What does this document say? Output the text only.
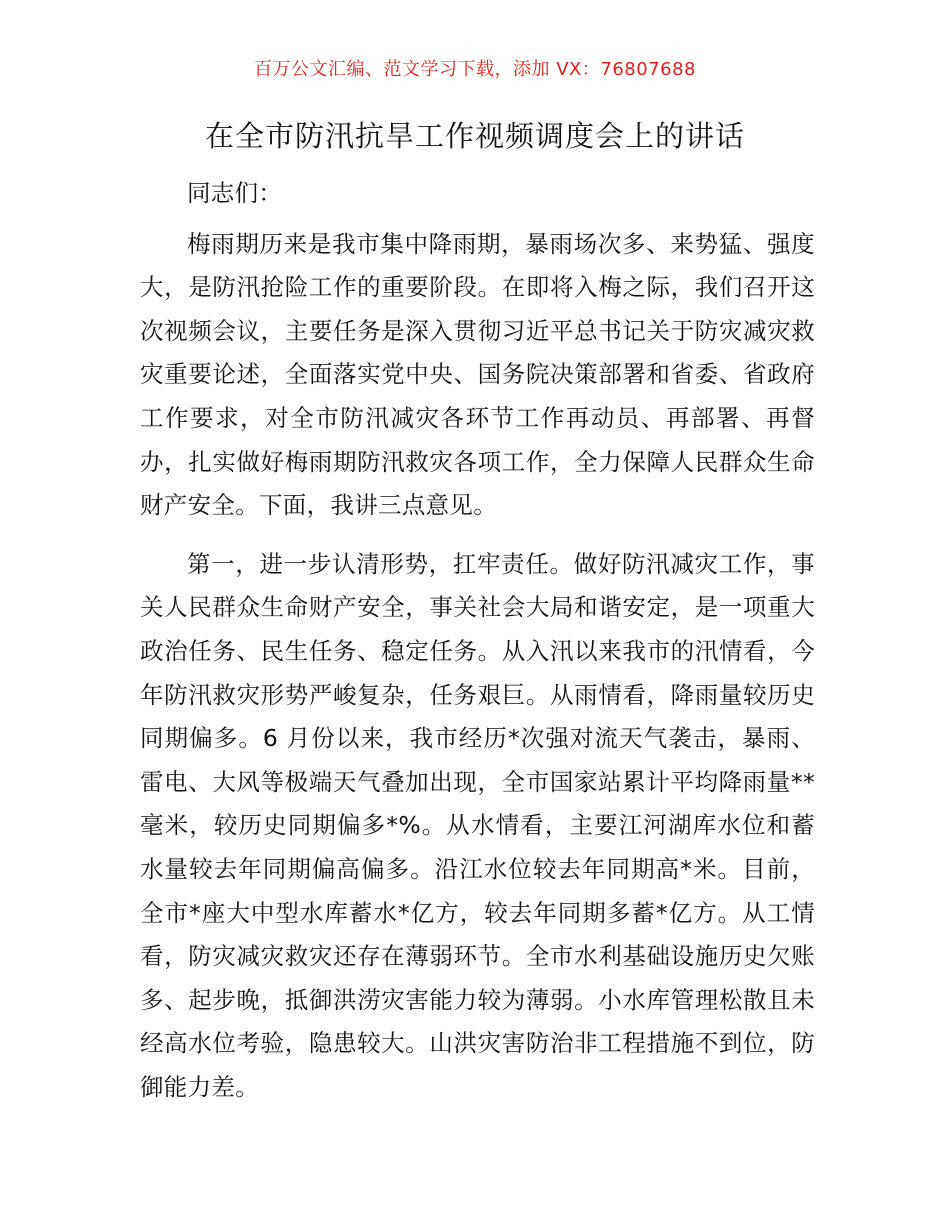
百万公文汇编、范文学习下载，添加 VX：76807688
在全市防汛抗旱工作视频调度会上的讲话

同志们：

梅雨期历来是我市集中降雨期，暴雨场次多、来势猛、强度大，是防汛抢险工作的重要阶段。在即将入梅之际，我们召开这次视频会议，主要任务是深入贯彻习近平总书记关于防灾减灾救灾重要论述，全面落实党中央、国务院决策部署和省委、省政府工作要求，对全市防汛减灾各环节工作再动员、再部署、再督办，扎实做好梅雨期防汛救灾各项工作，全力保障人民群众生命财产安全。下面，我讲三点意见。

第一，进一步认清形势，扛牢责任。做好防汛减灾工作，事关人民群众生命财产安全，事关社会大局和谐安定，是一项重大政治任务、民生任务、稳定任务。从入汛以来我市的汛情看，今年防汛救灾形势严峻复杂，任务艰巨。从雨情看，降雨量较历史同期偏多。6 月份以来，我市经历*次强对流天气袭击，暴雨、雷电、大风等极端天气叠加出现，全市国家站累计平均降雨量**毫米，较历史同期偏多*%。从水情看，主要江河湖库水位和蓄水量较去年同期偏高偏多。沿江水位较去年同期高*米。目前，全市*座大中型水库蓄水*亿方，较去年同期多蓄*亿方。从工情看，防灾减灾救灾还存在薄弱环节。全市水利基础设施历史欠账多、起步晚，抵御洪涝灾害能力较为薄弱。小水库管理松散且未经高水位考验，隐患较大。山洪灾害防治非工程措施不到位，防御能力差。
